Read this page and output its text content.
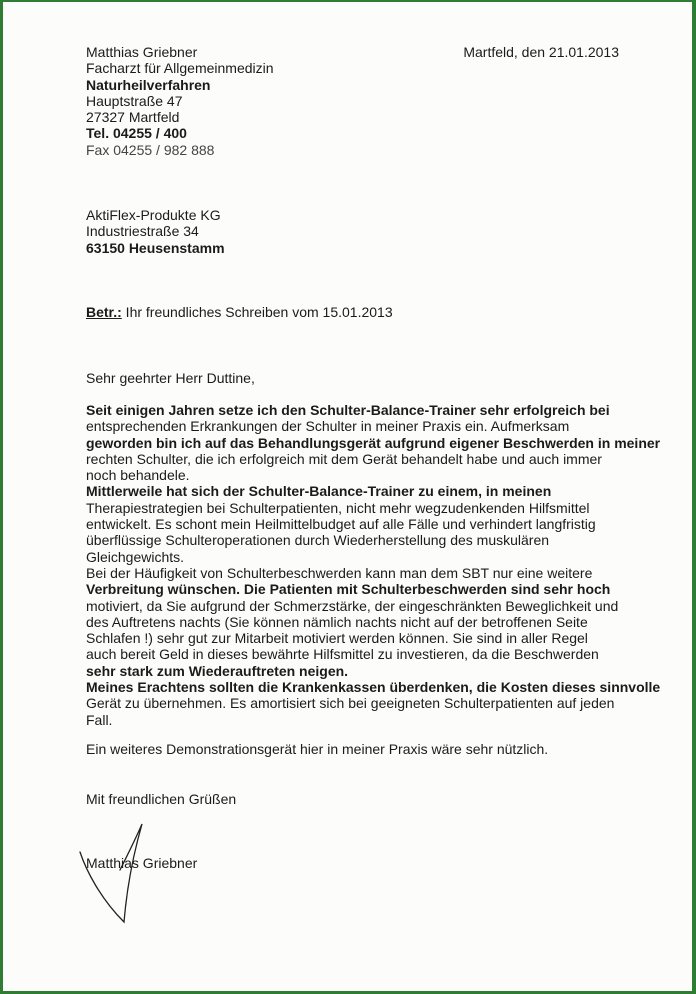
Matthias Griebner
Facharzt für Allgemeinmedizin
Naturheilverfahren
Hauptstraße 47
27327 Martfeld
Tel. 04255 / 400
Fax 04255 / 982 888
Martfeld, den 21.01.2013
AktiFlex-Produkte KG
Industriestraße 34
63150 Heusenstamm
Betr.: Ihr freundliches Schreiben vom 15.01.2013
Sehr geehrter Herr Duttine,
Seit einigen Jahren setze ich den Schulter-Balance-Trainer sehr erfolgreich bei
entsprechenden Erkrankungen der Schulter in meiner Praxis ein. Aufmerksam
geworden bin ich auf das Behandlungsgerät aufgrund eigener Beschwerden in meiner
rechten Schulter, die ich erfolgreich mit dem Gerät behandelt habe und auch immer
noch behandele.
Mittlerweile hat sich der Schulter-Balance-Trainer zu einem, in meinen
Therapiestrategien bei Schulterpatienten, nicht mehr wegzudenkenden Hilfsmittel
entwickelt. Es schont mein Heilmittelbudget auf alle Fälle und verhindert langfristig
überflüssige Schulteroperationen durch Wiederherstellung des muskulären
Gleichgewichts.
Bei der Häufigkeit von Schulterbeschwerden kann man dem SBT nur eine weitere
Verbreitung wünschen. Die Patienten mit Schulterbeschwerden sind sehr hoch
motiviert, da Sie aufgrund der Schmerzstärke, der eingeschränkten Beweglichkeit und
des Auftretens nachts (Sie können nämlich nachts nicht auf der betroffenen Seite
Schlafen !) sehr gut zur Mitarbeit motiviert werden können. Sie sind in aller Regel
auch bereit Geld in dieses bewährte Hilfsmittel zu investieren, da die Beschwerden
sehr stark zum Wiederauftreten neigen.
Meines Erachtens sollten die Krankenkassen überdenken, die Kosten dieses sinnvolle
Gerät zu übernehmen. Es amortisiert sich bei geeigneten Schulterpatienten auf jeden
Fall.
Ein weiteres Demonstrationsgerät hier in meiner Praxis wäre sehr nützlich.
Mit freundlichen Grüßen
Matthias Griebner
